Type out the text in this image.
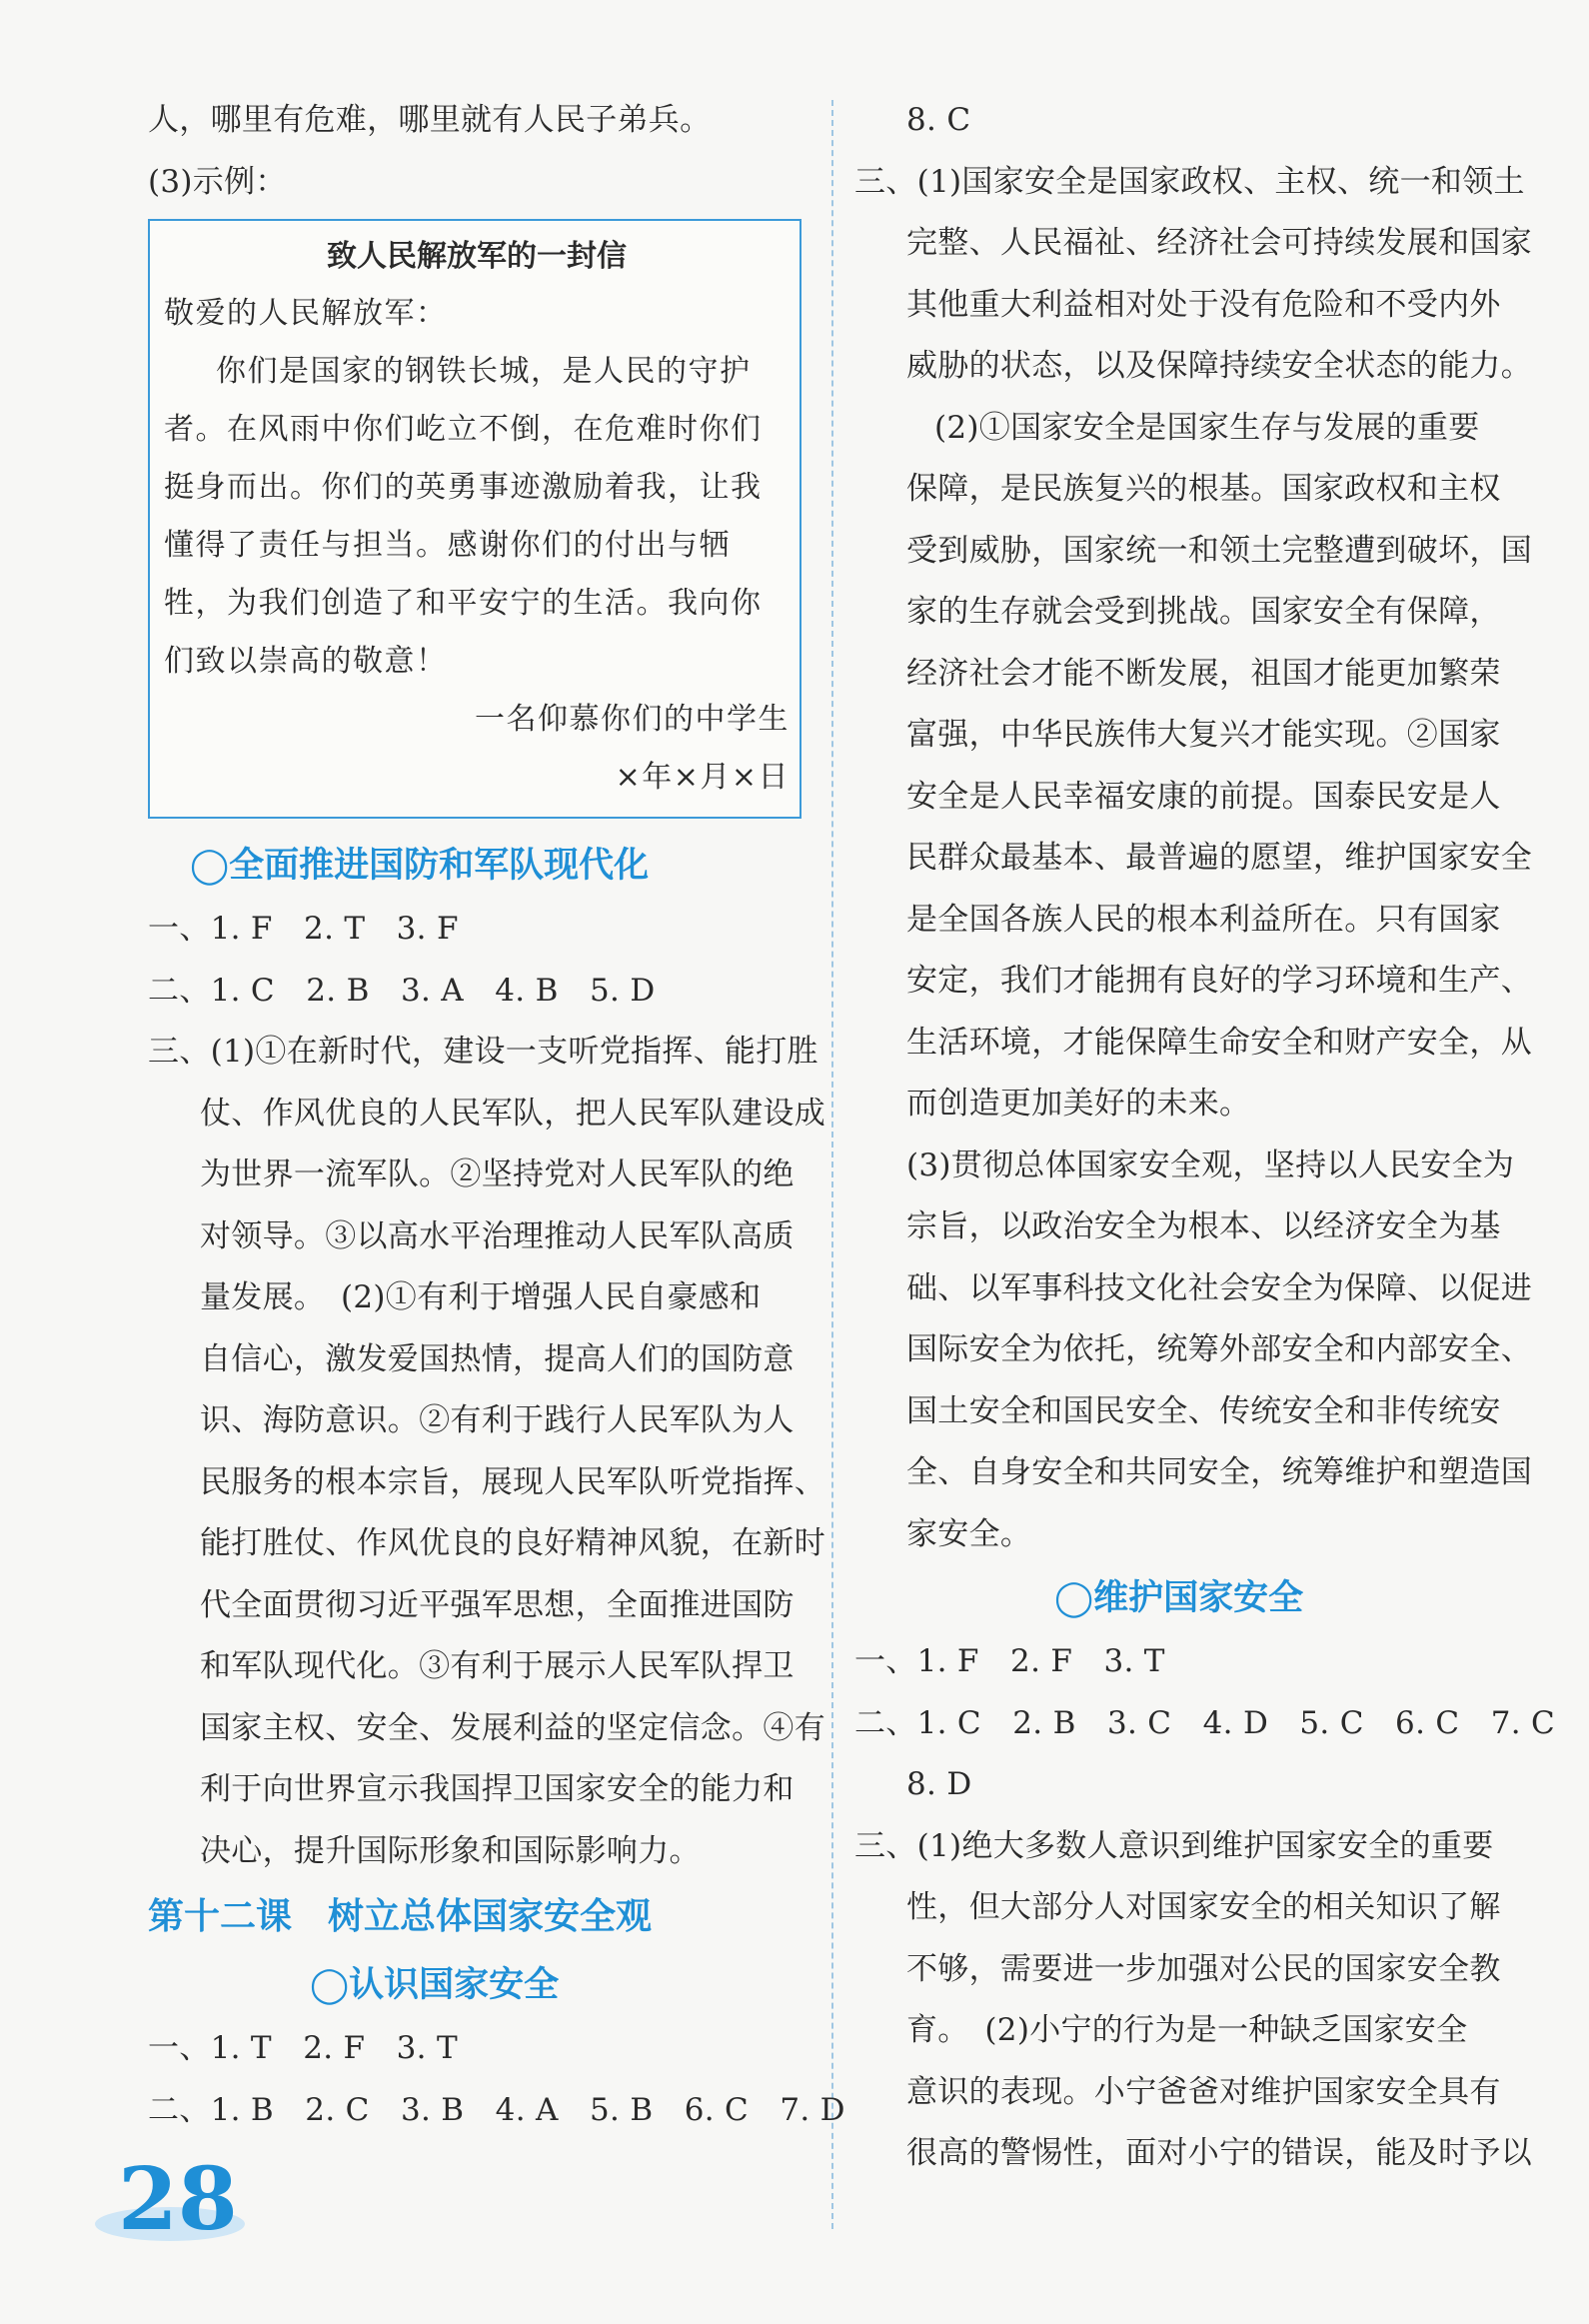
人，哪里有危难，哪里就有人民子弟兵。
(3)示例：
致人民解放军的一封信
敬爱的人民解放军：
你们是国家的钢铁长城，是人民的守护
者。在风雨中你们屹立不倒，在危难时你们
挺身而出。你们的英勇事迹激励着我，让我
懂得了责任与担当。感谢你们的付出与牺
牲，为我们创造了和平安宁的生活。我向你
们致以崇高的敬意！
一名仰慕你们的中学生
×年×月×日
◯全面推进国防和军队现代化
一、1. F　2. T　3. F
二、1. C　2. B　3. A　4. B　5. D
三、(1)①在新时代，建设一支听党指挥、能打胜
仗、作风优良的人民军队，把人民军队建设成
为世界一流军队。②坚持党对人民军队的绝
对领导。③以高水平治理推动人民军队高质
量发展。　(2)①有利于增强人民自豪感和
自信心，激发爱国热情，提高人们的国防意
识、海防意识。②有利于践行人民军队为人
民服务的根本宗旨，展现人民军队听党指挥、
能打胜仗、作风优良的良好精神风貌，在新时
代全面贯彻习近平强军思想，全面推进国防
和军队现代化。③有利于展示人民军队捍卫
国家主权、安全、发展利益的坚定信念。④有
利于向世界宣示我国捍卫国家安全的能力和
决心，提升国际形象和国际影响力。
第十二课　树立总体国家安全观
◯认识国家安全
一、1. T　2. F　3. T
二、1. B　2. C　3. B　4. A　5. B　6. C　7. D
8. C
三、(1)国家安全是国家政权、主权、统一和领土
完整、人民福祉、经济社会可持续发展和国家
其他重大利益相对处于没有危险和不受内外
威胁的状态，以及保障持续安全状态的能力。
(2)①国家安全是国家生存与发展的重要
保障，是民族复兴的根基。国家政权和主权
受到威胁，国家统一和领土完整遭到破坏，国
家的生存就会受到挑战。国家安全有保障，
经济社会才能不断发展，祖国才能更加繁荣
富强，中华民族伟大复兴才能实现。②国家
安全是人民幸福安康的前提。国泰民安是人
民群众最基本、最普遍的愿望，维护国家安全
是全国各族人民的根本利益所在。只有国家
安定，我们才能拥有良好的学习环境和生产、
生活环境，才能保障生命安全和财产安全，从
而创造更加美好的未来。
(3)贯彻总体国家安全观，坚持以人民安全为
宗旨，以政治安全为根本、以经济安全为基
础、以军事科技文化社会安全为保障、以促进
国际安全为依托，统筹外部安全和内部安全、
国土安全和国民安全、传统安全和非传统安
全、自身安全和共同安全，统筹维护和塑造国
家安全。
◯维护国家安全
一、1. F　2. F　3. T
二、1. C　2. B　3. C　4. D　5. C　6. C　7. C
8. D
三、(1)绝大多数人意识到维护国家安全的重要
性，但大部分人对国家安全的相关知识了解
不够，需要进一步加强对公民的国家安全教
育。　(2)小宁的行为是一种缺乏国家安全
意识的表现。小宁爸爸对维护国家安全具有
很高的警惕性，面对小宁的错误，能及时予以
28
